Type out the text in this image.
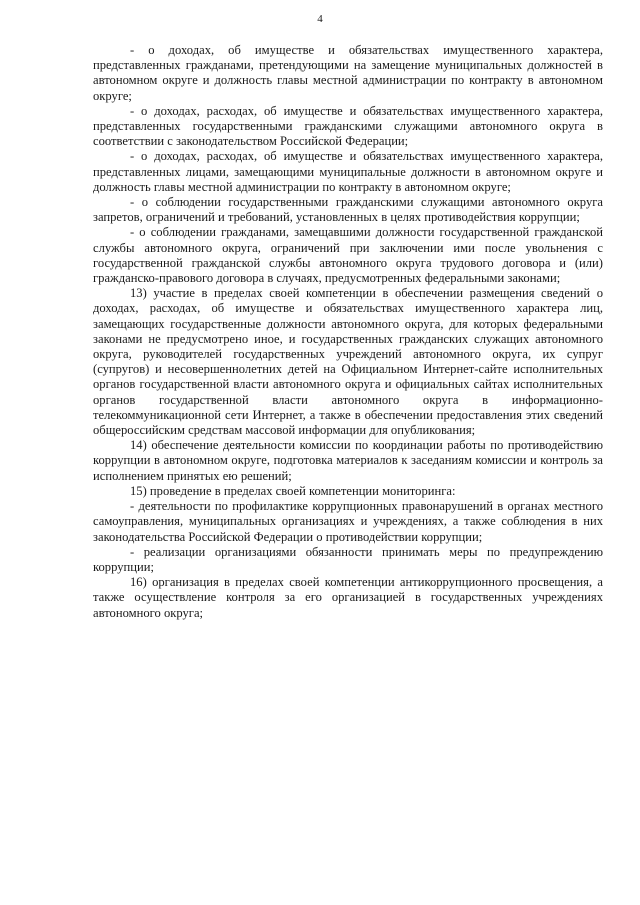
4

- о доходах, об имуществе и обязательствах имущественного характера, представленных гражданами, претендующими на замещение муниципальных должностей в автономном округе и должность главы местной администрации по контракту в автономном округе;

- о доходах, расходах, об имуществе и обязательствах имущественного характера, представленных государственными гражданскими служащими автономного округа в соответствии с законодательством Российской Федерации;

- о доходах, расходах, об имуществе и обязательствах имущественного характера, представленных лицами, замещающими муниципальные должности в автономном округе и должность главы местной администрации по контракту в автономном округе;

- о соблюдении государственными гражданскими служащими автономного округа запретов, ограничений и требований, установленных в целях противодействия коррупции;

- о соблюдении гражданами, замещавшими должности государственной гражданской службы автономного округа, ограничений при заключении ими после увольнения с государственной гражданской службы автономного округа трудового договора и (или) гражданско-правового договора в случаях, предусмотренных федеральными законами;

13) участие в пределах своей компетенции в обеспечении размещения сведений о доходах, расходах, об имуществе и обязательствах имущественного характера лиц, замещающих государственные должности автономного округа, для которых федеральными законами не предусмотрено иное, и государственных гражданских служащих автономного округа, руководителей государственных учреждений автономного округа, их супруг (супругов) и несовершеннолетних детей на Официальном Интернет-сайте исполнительных органов государственной власти автономного округа и официальных сайтах исполнительных органов государственной власти автономного округа в информационно-телекоммуникационной сети Интернет, а также в обеспечении предоставления этих сведений общероссийским средствам массовой информации для опубликования;

14) обеспечение деятельности комиссии по координации работы по противодействию коррупции в автономном округе, подготовка материалов к заседаниям комиссии и контроль за исполнением принятых ею решений;

15) проведение в пределах своей компетенции мониторинга:

- деятельности по профилактике коррупционных правонарушений в органах местного самоуправления, муниципальных организациях и учреждениях, а также соблюдения в них законодательства Российской Федерации о противодействии коррупции;

- реализации организациями обязанности принимать меры по предупреждению коррупции;

16) организация в пределах своей компетенции антикоррупционного просвещения, а также осуществление контроля за его организацией в государственных учреждениях автономного округа;
